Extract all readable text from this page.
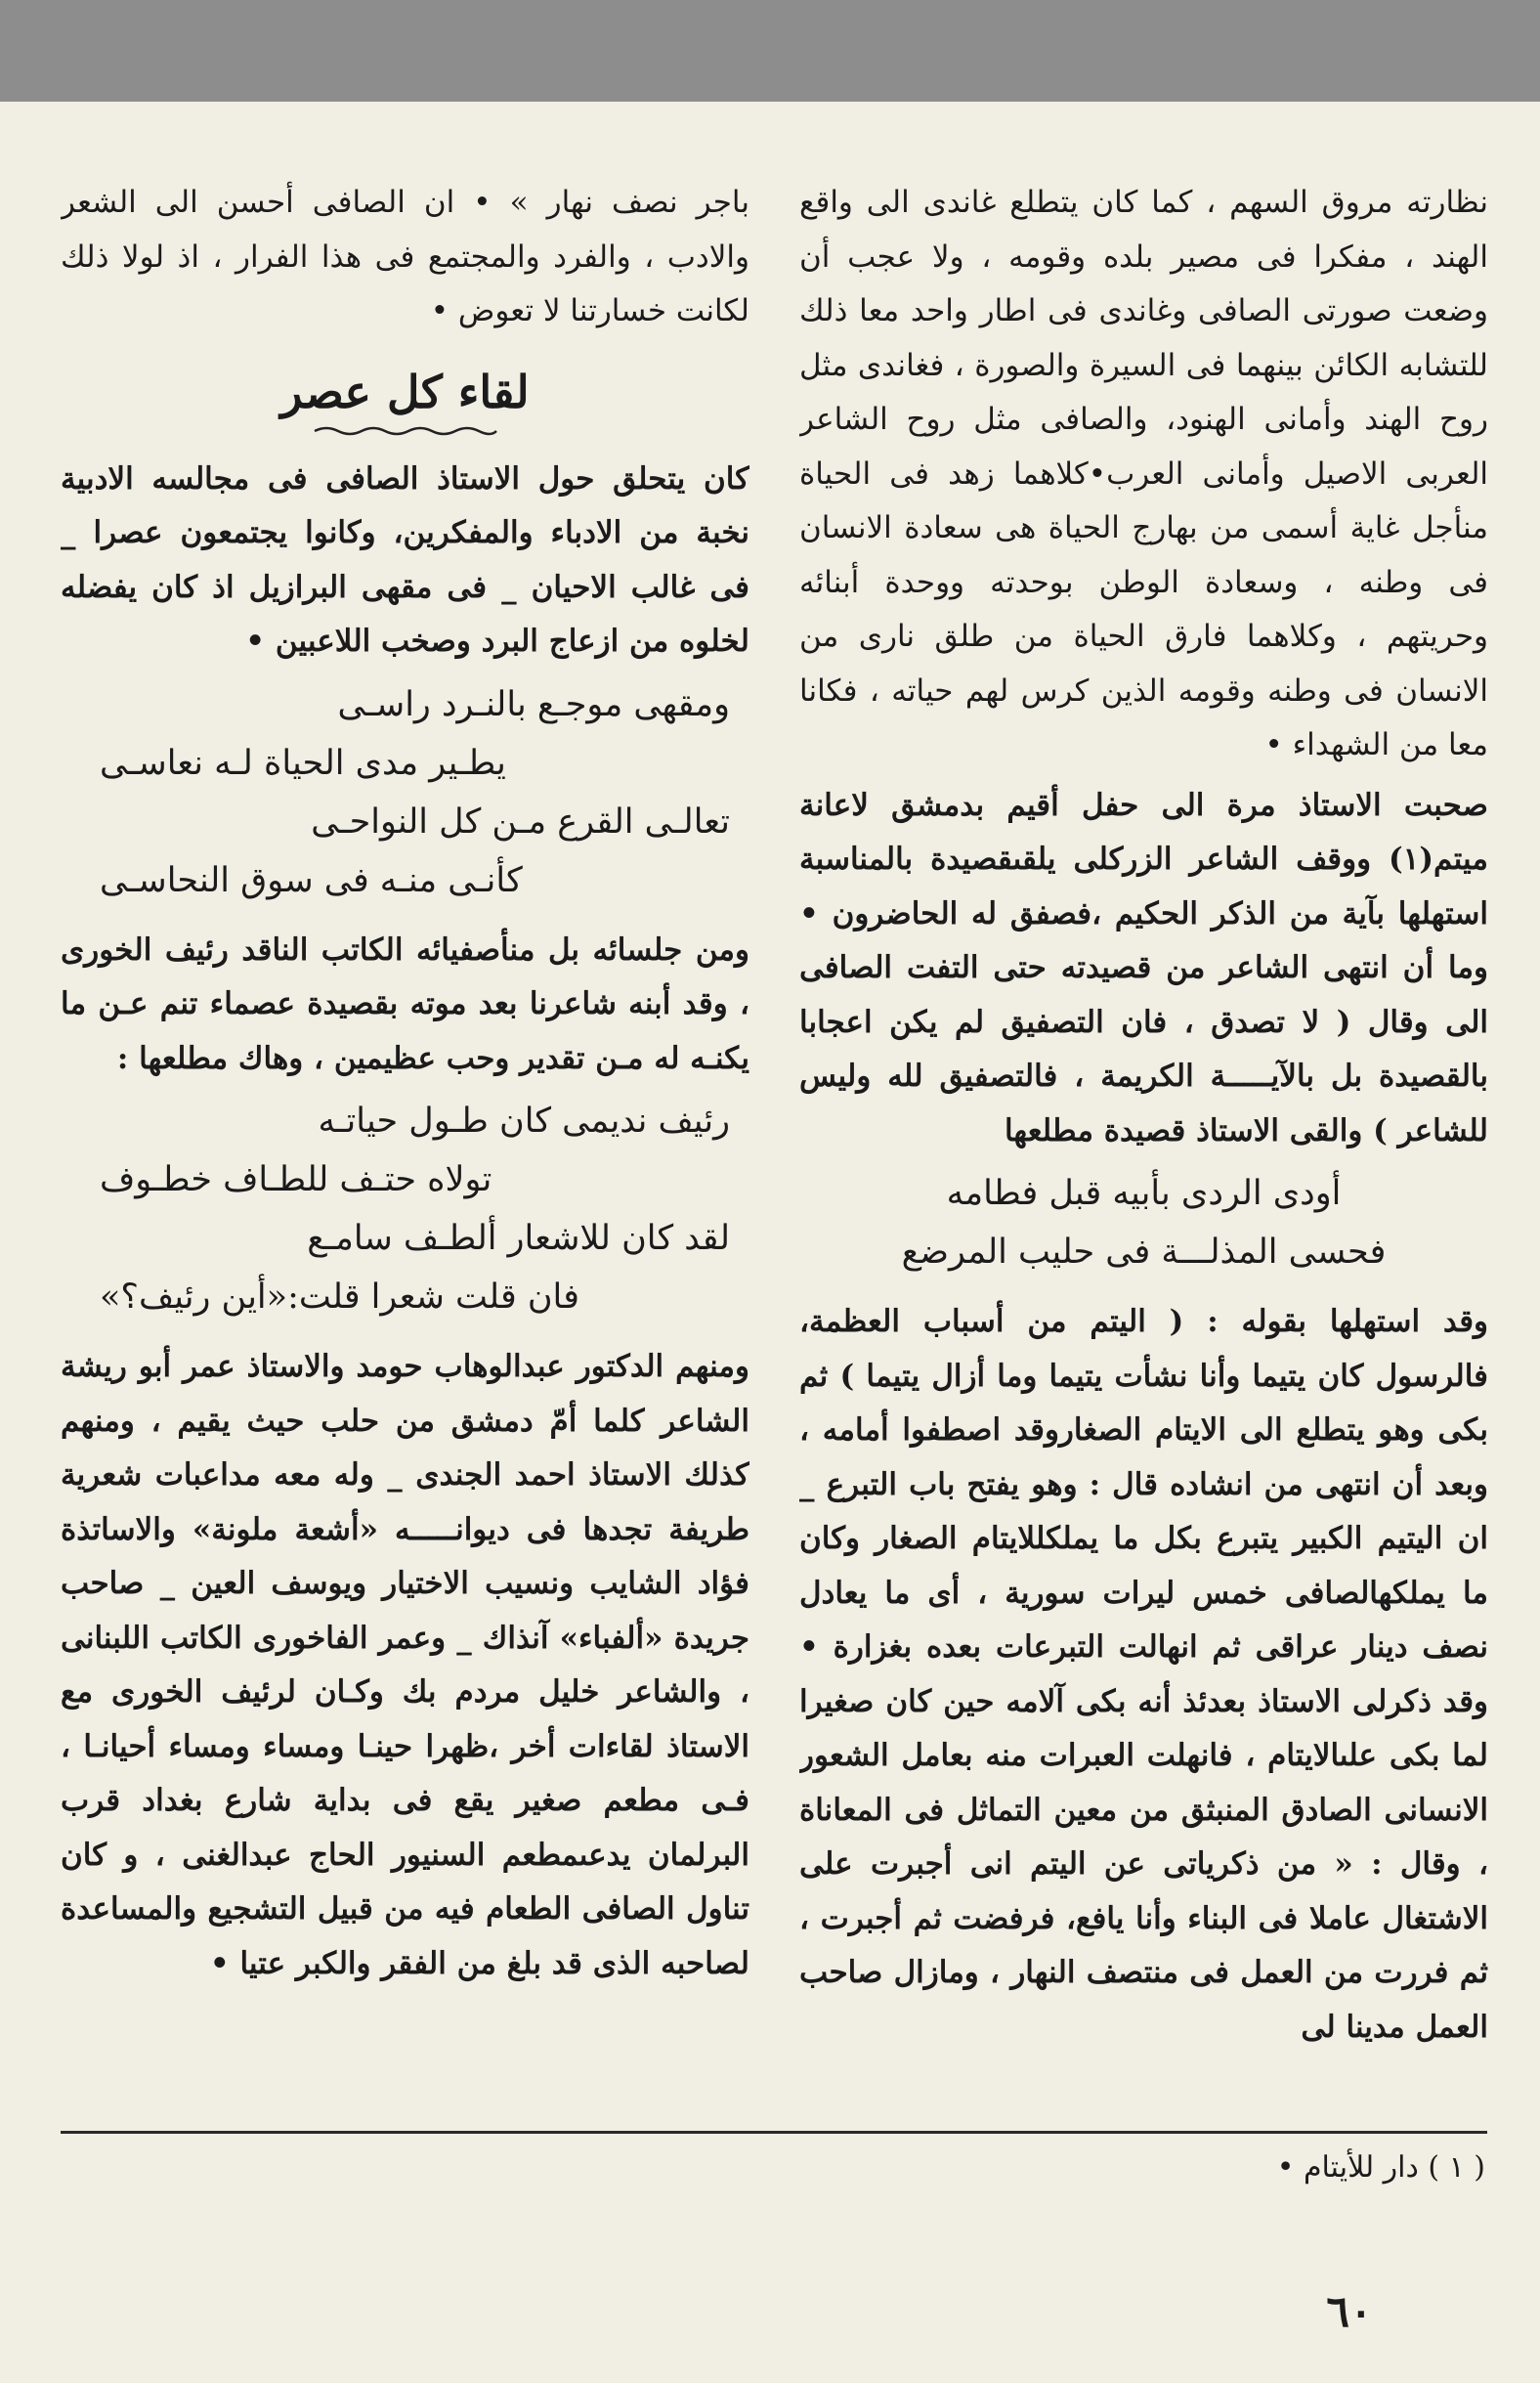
نظارته مروق السهم ، كما كان يتطلع غاندى الى واقع الهند ، مفكرا فى مصير بلده وقومه ، ولا عجب أن وضعت صورتى الصافى وغاندى فى اطار واحد معا ذلك للتشابه الكائن بينهما فى السيرة والصورة ، فغاندى مثل روح الهند وأمانى الهنود، والصافى مثل روح الشاعر العربى الاصيل وأمانى العرب•كلاهما زهد فى الحياة منأجل غاية أسمى من بهارج الحياة هى سعادة الانسان فى وطنه ، وسعادة الوطن بوحدته ووحدة أبنائه وحريتهم ، وكلاهما فارق الحياة من طلق نارى من الانسان فى وطنه وقومه الذين كرس لهم حياته ، فكانا معا من الشهداء •

صحبت الاستاذ مرة الى حفل أقيم بدمشق لاعانة ميتم(١) ووقف الشاعر الزركلى يلقىقصيدة بالمناسبة استهلها بآية من الذكر الحكيم ،فصفق له الحاضرون • وما أن انتهى الشاعر من قصيدته حتى التفت الصافى الى وقال ( لا تصدق ، فان التصفيق لم يكن اعجابا بالقصيدة بل بالآيـــــة الكريمة ، فالتصفيق لله وليس للشاعر ) والقى الاستاذ قصيدة مطلعها

أودى الردى بأبيه قبل فطامه
فحسى المذلـــة فى حليب المرضع

وقد استهلها بقوله : ( اليتم من أسباب العظمة، فالرسول كان يتيما وأنا نشأت يتيما وما أزال يتيما ) ثم بكى وهو يتطلع الى الايتام الصغاروقد اصطفوا أمامه ، وبعد أن انتهى من انشاده قال : وهو يفتح باب التبرع _ ان اليتيم الكبير يتبرع بكل ما يملكللايتام الصغار وكان ما يملكهالصافى خمس ليرات سورية ، أى ما يعادل نصف دينار عراقى ثم انهالت التبرعات بعده بغزارة • وقد ذكرلى الاستاذ بعدئذ أنه بكى آلامه حين كان صغيرا لما بكى علىالايتام ، فانهلت العبرات منه بعامل الشعور الانسانى الصادق المنبثق من معين التماثل فى المعاناة ، وقال : « من ذكرياتى عن اليتم انى أجبرت على الاشتغال عاملا فى البناء وأنا يافع، فرفضت ثم أجبرت ، ثم فررت من العمل فى منتصف النهار ، ومازال صاحب العمل مدينا لى

باجر نصف نهار » • ان الصافى أحسن الى الشعر والادب ، والفرد والمجتمع فى هذا الفرار ، اذ لولا ذلك لكانت خسارتنا لا تعوض •

لقاء كل عصر

كان يتحلق حول الاستاذ الصافى فى مجالسه الادبية نخبة من الادباء والمفكرين، وكانوا يجتمعون عصرا _ فى غالب الاحيان _ فى مقهى البرازيل اذ كان يفضله لخلوه من ازعاج البرد وصخب اللاعبين •

ومقهى موجـع بالنـرد راسـى
يطـير مدى الحياة لـه نعاسـى
تعالـى القرع مـن كل النواحـى
كأنـى منـه فى سوق النحاسـى

ومن جلسائه بل منأصفيائه الكاتب الناقد رئيف الخورى ، وقد أبنه شاعرنا بعد موته بقصيدة عصماء تنم عـن ما يكنـه له مـن تقدير وحب عظيمين ، وهاك مطلعها :

رئيف نديمى كان طـول حياتـه
تولاه حتـف للطـاف خطـوف
لقد كان للاشعار ألطـف سامـع
فان قلت شعرا قلت:«أين رئيف؟»

ومنهم الدكتور عبدالوهاب حومد والاستاذ عمر أبو ريشة الشاعر كلما أمّ دمشق من حلب حيث يقيم ، ومنهم كذلك الاستاذ احمد الجندى _ وله معه مداعبات شعرية طريفة تجدها فى ديوانـــــه «أشعة ملونة» والاساتذة فؤاد الشايب ونسيب الاختيار ويوسف العين _ صاحب جريدة «ألفباء» آنذاك _ وعمر الفاخورى الكاتب اللبنانى ، والشاعر خليل مردم بك وكـان لرئيف الخورى مع الاستاذ لقاءات أخر ،ظهرا حينـا ومساء ومساء أحيانـا ، فـى مطعم صغير يقع فى بداية شارع بغداد قرب البرلمان يدعىمطعم السنيور الحاج عبدالغنى ، و كان تناول الصافى الطعام فيه من قبيل التشجيع والمساعدة لصاحبه الذى قد بلغ من الفقر والكبر عتيا •

( ١ ) دار للأيتام •
٦٠
